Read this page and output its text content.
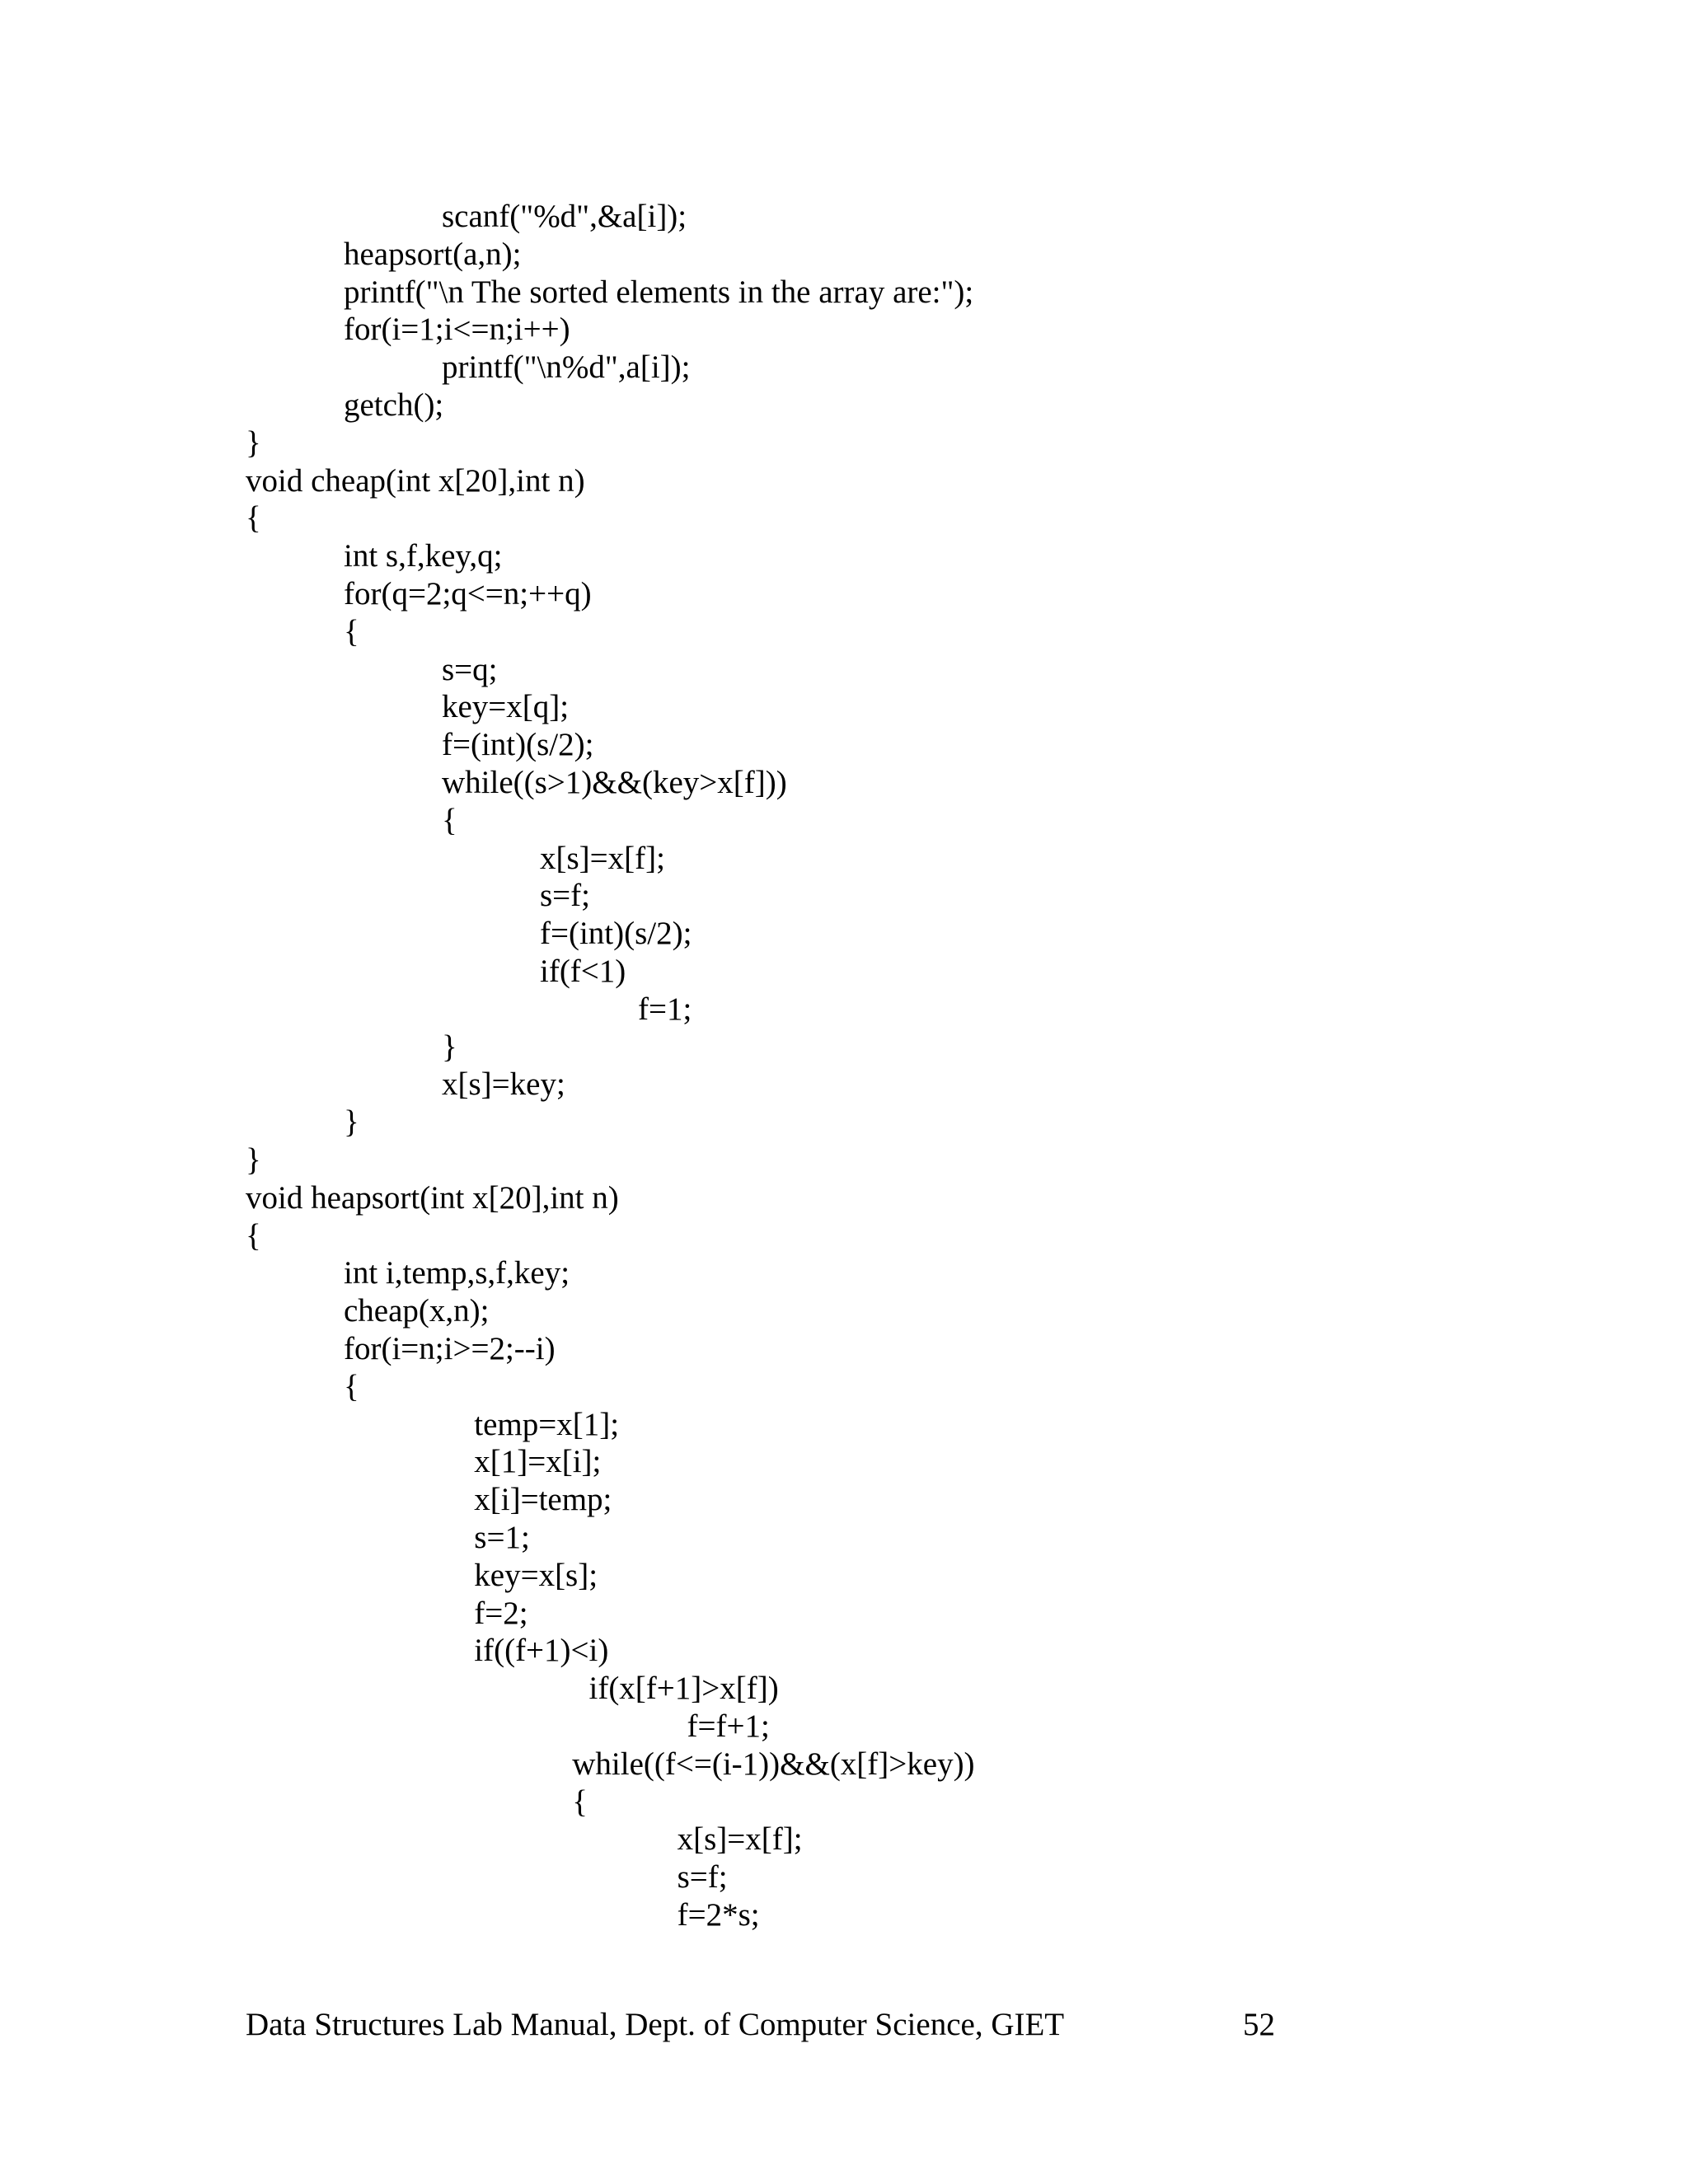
scanf("%d",&a[i]);
heapsort(a,n);
printf("\n The sorted elements in the array are:");
for(i=1;i<=n;i++)
printf("\n%d",a[i]);
getch();
}
void cheap(int x[20],int n)
{
int s,f,key,q;
for(q=2;q<=n;++q)
{
s=q;
key=x[q];
f=(int)(s/2);
while((s>1)&&(key>x[f]))
{
x[s]=x[f];
s=f;
f=(int)(s/2);
if(f<1)
f=1;
}
x[s]=key;
}
}
void heapsort(int x[20],int n)
{
int i,temp,s,f,key;
cheap(x,n);
for(i=n;i>=2;--i)
{
temp=x[1];
x[1]=x[i];
x[i]=temp;
s=1;
key=x[s];
f=2;
if((f+1)<i)
if(x[f+1]>x[f])
f=f+1;
while((f<=(i-1))&&(x[f]>key))
{
x[s]=x[f];
s=f;
f=2*s;
Data Structures Lab Manual, Dept. of Computer Science, GIET	52
